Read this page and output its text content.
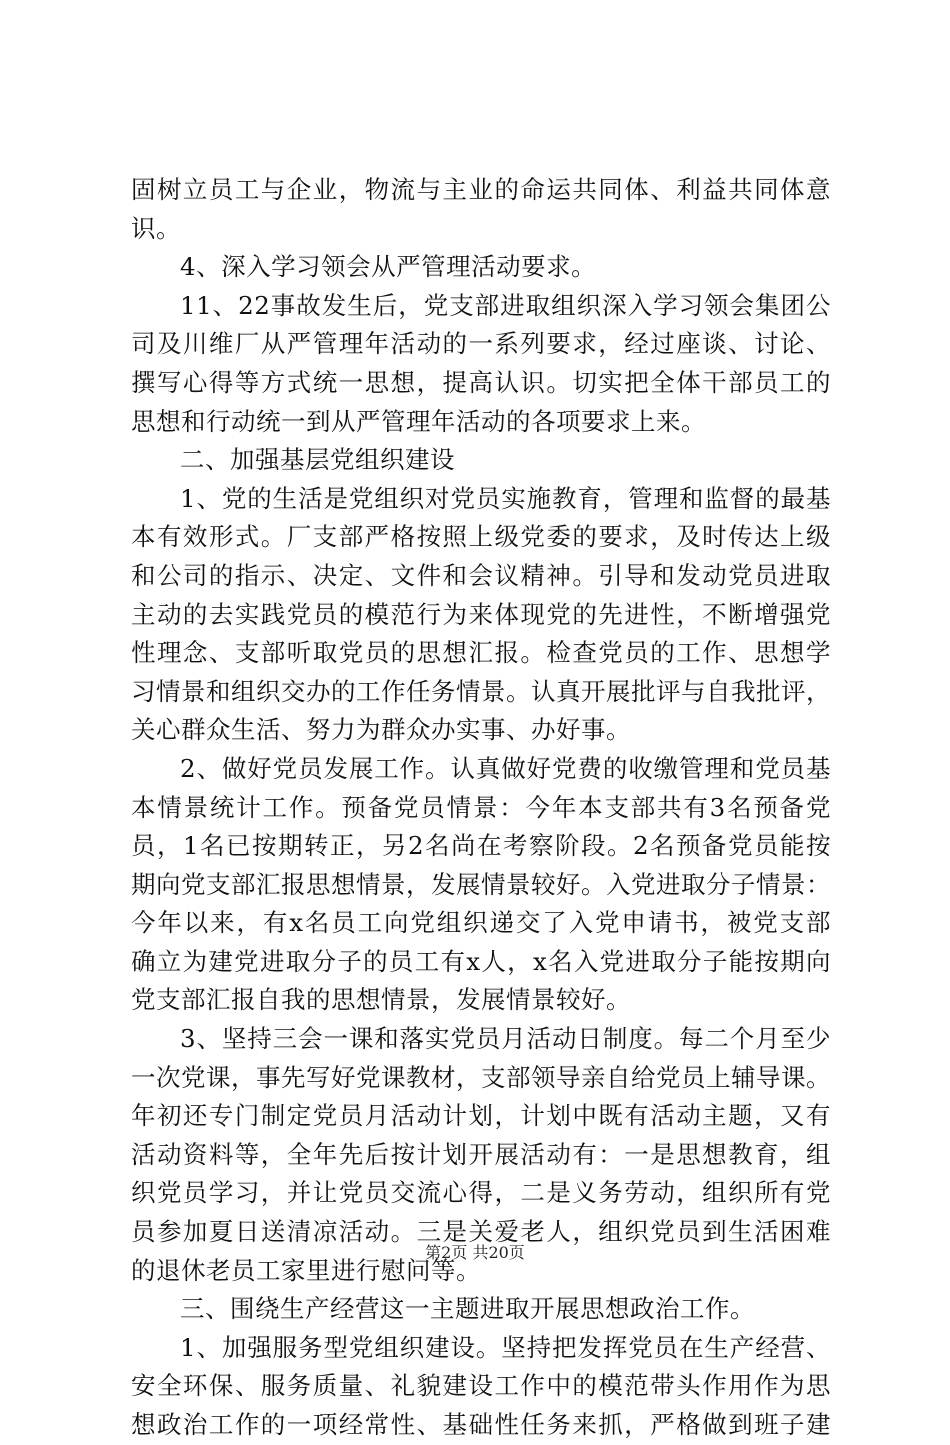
固树立员工与企业，物流与主业的命运共同体、利益共同体意
识。
4、深入学习领会从严管理活动要求。
11、22事故发生后，党支部进取组织深入学习领会集团公
司及川维厂从严管理年活动的一系列要求，经过座谈、讨论、
撰写心得等方式统一思想，提高认识。切实把全体干部员工的
思想和行动统一到从严管理年活动的各项要求上来。
二、加强基层党组织建设
1、党的生活是党组织对党员实施教育，管理和监督的最基
本有效形式。厂支部严格按照上级党委的要求，及时传达上级
和公司的指示、决定、文件和会议精神。引导和发动党员进取
主动的去实践党员的模范行为来体现党的先进性，不断增强党
性理念、支部听取党员的思想汇报。检查党员的工作、思想学
习情景和组织交办的工作任务情景。认真开展批评与自我批评，
关心群众生活、努力为群众办实事、办好事。
2、做好党员发展工作。认真做好党费的收缴管理和党员基
本情景统计工作。预备党员情景：今年本支部共有3名预备党
员，1名已按期转正，另2名尚在考察阶段。2名预备党员能按
期向党支部汇报思想情景，发展情景较好。入党进取分子情景：
今年以来，有x名员工向党组织递交了入党申请书，被党支部
确立为建党进取分子的员工有x人，x名入党进取分子能按期向
党支部汇报自我的思想情景，发展情景较好。
3、坚持三会一课和落实党员月活动日制度。每二个月至少
一次党课，事先写好党课教材，支部领导亲自给党员上辅导课。
年初还专门制定党员月活动计划，计划中既有活动主题，又有
活动资料等，全年先后按计划开展活动有：一是思想教育，组
织党员学习，并让党员交流心得，二是义务劳动，组织所有党
员参加夏日送清凉活动。三是关爱老人，组织党员到生活困难
的退休老员工家里进行慰问等。
三、围绕生产经营这一主题进取开展思想政治工作。
1、加强服务型党组织建设。坚持把发挥党员在生产经营、
安全环保、服务质量、礼貌建设工作中的模范带头作用作为思
想政治工作的一项经常性、基础性任务来抓，严格做到班子建
第2页 共20页
